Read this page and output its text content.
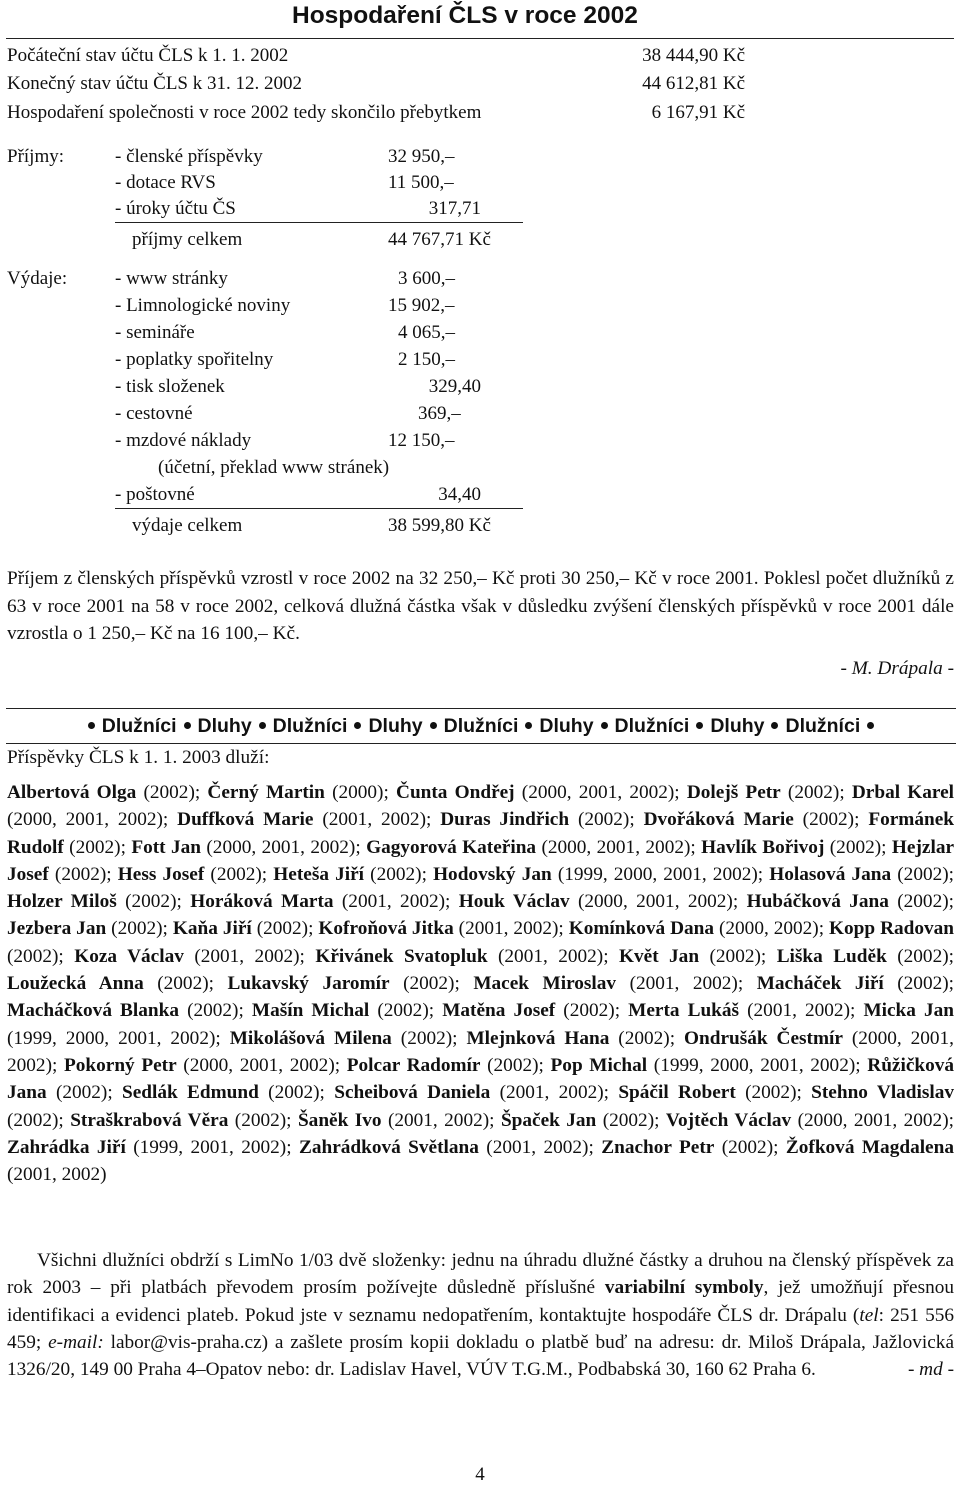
Hospodaření ČLS v roce 2002
Počáteční stav účtu ČLS k 1. 1. 2002	38 444,90 Kč
Konečný stav účtu ČLS k 31. 12. 2002	44 612,81 Kč
Hospodaření společnosti v roce 2002 tedy skončilo přebytkem	6 167,91 Kč
Příjmy:	- členské příspěvky	32 950,–
- dotace RVS	11 500,–
- úroky účtu ČS	317,71
příjmy celkem	44 767,71 Kč
Výdaje:	- www stránky	3 600,–
- Limnologické noviny	15 902,–
- semináře	4 065,–
- poplatky spořitelny	2 150,–
- tisk složenek	329,40
- cestovné	369,–
- mzdové náklady	12 150,–
(účetní, překlad www stránek)
- poštovné	34,40
výdaje celkem	38 599,80 Kč

Příjem z členských příspěvků vzrostl v roce 2002 na 32 250,– Kč proti 30 250,– Kč v roce 2001. Poklesl počet dlužníků z 63 v roce 2001 na 58 v roce 2002, celková dlužná částka však v důsledku zvýšení členských příspěvků v roce 2001 dále vzrostla o 1 250,– Kč na 16 100,– Kč.

- M. Drápala -
Dlužníci Dluhy Dlužníci Dluhy Dlužníci Dluhy Dlužníci Dluhy Dlužníci
Příspěvky ČLS k 1. 1. 2003 dluží:
Albertová Olga (2002); Černý Martin (2000); Čunta Ondřej (2000, 2001, 2002); Dolejš Petr (2002); Drbal Karel (2000, 2001, 2002); Duffková Marie (2001, 2002); Duras Jindřich (2002); Dvořáková Marie (2002); Formánek Rudolf (2002); Fott Jan (2000, 2001, 2002); Gagyorová Kateřina (2000, 2001, 2002); Havlík Bořivoj (2002); Hejzlar Josef (2002); Hess Josef (2002); Heteša Jiří (2002); Hodovský Jan (1999, 2000, 2001, 2002); Holasová Jana (2002); Holzer Miloš (2002); Horáková Marta (2001, 2002); Houk Václav (2000, 2001, 2002); Hubáčková Jana (2002); Jezbera Jan (2002); Kaňa Jiří (2002); Kofroňová Jitka (2001, 2002); Komínková Dana (2000, 2002); Kopp Radovan (2002); Koza Václav (2001, 2002); Křivánek Svatopluk (2001, 2002); Květ Jan (2002); Liška Luděk (2002); Loužecká Anna (2002); Lukavský Jaromír (2002); Macek Miroslav (2001, 2002); Macháček Jiří (2002); Macháčková Blanka (2002); Mašín Michal (2002); Matěna Josef (2002); Merta Lukáš (2001, 2002); Micka Jan (1999, 2000, 2001, 2002); Mikolášová Milena (2002); Mlejnková Hana (2002); Ondrušák Čestmír (2000, 2001, 2002); Pokorný Petr (2000, 2001, 2002); Polcar Radomír (2002); Pop Michal (1999, 2000, 2001, 2002); Růžičková Jana (2002); Sedlák Edmund (2002); Scheibová Daniela (2001, 2002); Spáčil Robert (2002); Stehno Vladislav (2002); Straškrabová Věra (2002); Šaněk Ivo (2001, 2002); Špaček Jan (2002); Vojtěch Václav (2000, 2001, 2002); Zahrádka Jiří (1999, 2001, 2002); Zahrádková Světlana (2001, 2002); Znachor Petr (2002); Žofková Magdalena (2001, 2002)

Všichni dlužníci obdrží s LimNo 1/03 dvě složenky: jednu na úhradu dlužné částky a druhou na členský příspěvek za rok 2003 – při platbách převodem prosím požívejte důsledně příslušné variabilní symboly, jež umožňují přesnou identifikaci a evidenci plateb. Pokud jste v seznamu nedopatřením, kontaktujte hospodáře ČLS dr. Drápalu (tel: 251 556 459; e-mail: labor@vis-praha.cz) a zašlete prosím kopii dokladu o platbě buď na adresu: dr. Miloš Drápala, Jažlovická 1326/20, 149 00 Praha 4–Opatov nebo: dr. Ladislav Havel, VÚV T.G.M., Podbabská 30, 160 62 Praha 6.	- md -

4
